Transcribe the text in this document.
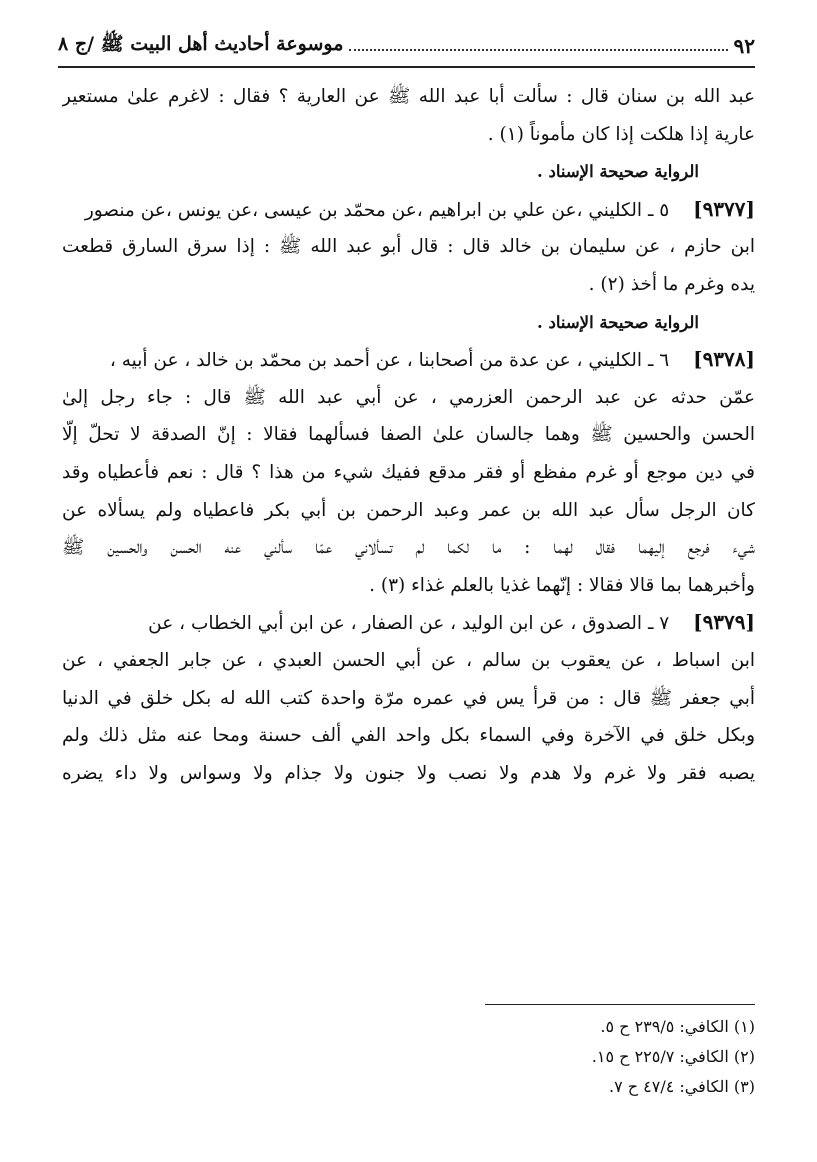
٩٢
موسوعة أحاديث أهل البيت ﷺ /ج ٨
عبد الله بن سنان قال : سألت أبا عبد الله ﷺ عن العارية ؟ فقال : لاغرم علىٰ مستعير
عارية إذا هلكت إذا كان مأموناً (١) .
الرواية صحيحة الإسناد .
[٩٣٧٧] ٥ ـ الكليني ،عن علي بن ابراهيم ،عن محمّد بن عيسى ،عن يونس ،عن منصور
ابن حازم ، عن سليمان بن خالد قال : قال أبو عبد الله ﷺ : إذا سرق السارق قطعت
يده وغرم ما أخذ (٢) .
الرواية صحيحة الإسناد .
[٩٣٧٨] ٦ ـ الكليني ، عن عدة من أصحابنا ، عن أحمد بن محمّد بن خالد ، عن أبيه ،
عمّن حدثه عن عبد الرحمن العزرمي ، عن أبي عبد الله ﷺ قال : جاء رجل إلىٰ
الحسن والحسين ﷺ وهما جالسان علىٰ الصفا فسألهما فقالا : إنّ الصدقة لا تحلّ إلّا
في دين موجع أو غرم مفظع أو فقر مدقع ففيك شيء من هذا ؟ قال : نعم فأعطياه وقد
كان الرجل سأل عبد الله بن عمر وعبد الرحمن بن أبي بكر فاعطياه ولم يسألاه عن
شيء فرجع إليهما فقال لهما : ما لكما لم تسألاني عمّا سألني عنه الحسن والحسين ﷺ
وأخبرهما بما قالا فقالا : إنّهما غذيا بالعلم غذاء (٣) .
[٩٣٧٩] ٧ ـ الصدوق ، عن ابن الوليد ، عن الصفار ، عن ابن أبي الخطاب ، عن
ابن اسباط ، عن يعقوب بن سالم ، عن أبي الحسن العبدي ، عن جابر الجعفي ، عن
أبي جعفر ﷺ قال : من قرأ يس في عمره مرّة واحدة كتب الله له بكل خلق في الدنيا
وبكل خلق في الآخرة وفي السماء بكل واحد الفي ألف حسنة ومحا عنه مثل ذلك ولم
يصبه فقر ولا غرم ولا هدم ولا نصب ولا جنون ولا جذام ولا وسواس ولا داء يضره
(١) الكافي: ٢٣٩/٥ ح ٥.
(٢) الكافي: ٢٢٥/٧ ح ١٥.
(٣) الكافي: ٤٧/٤ ح ٧.
